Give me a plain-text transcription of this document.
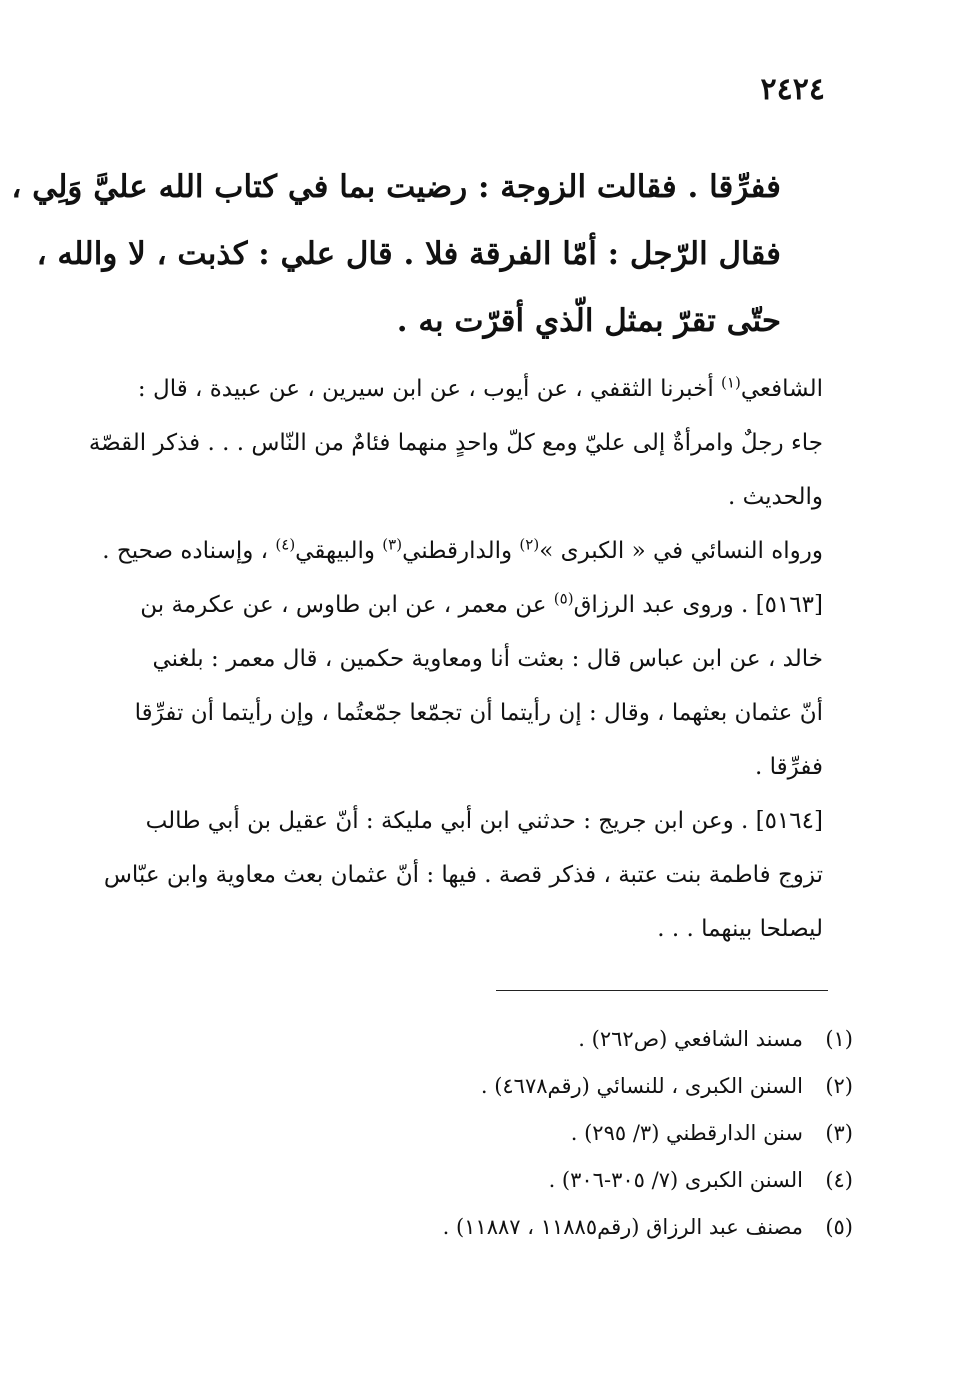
٢٤٢٤
ففرِّقا . فقالت الزوجة : رضيت بما في كتاب الله عليَّ وَلِي ،
فقال الرّجل : أمّا الفرقة فلا . قال علي : كذبت ، لا والله ،
حتّى تقرّ بمثل الّذي أقرّت به .

الشافعي$^{(١)}$ أخبرنا الثقفي ، عن أيوب ، عن ابن سيرين ، عن عبيدة ، قال :
جاء رجلٌ وامرأةٌ إلى عليّ ومع كلّ واحدٍ منهما فئامٌ من النّاس . . . فذكر القصّة
والحديث .

ورواه النسائي في « الكبرى »$^{(٢)}$ والدارقطني$^{(٣)}$ والبيهقي$^{(٤)}$ ، وإسناده صحيح .

[٥١٦٣] . وروى عبد الرزاق$^{(٥)}$ عن معمر ، عن ابن طاوس ، عن عكرمة بن
خالد ، عن ابن عباس قال : بعثت أنا ومعاوية حكمين ، قال معمر : بلغني
أنّ عثمان بعثهما ، وقال : إن رأيتما أن تجمّعا جمّعتُما ، وإن رأيتما أن تفرِّقا
ففرِّقا .

[٥١٦٤] . وعن ابن جريج : حدثني ابن أبي مليكة : أنّ عقيل بن أبي طالب
تزوج فاطمة بنت عتبة ، فذكر قصة . فيها : أنّ عثمان بعث معاوية وابن عبّاس
ليصلحا بينهما . . .

(١)مسند الشافعي (ص٢٦٢) .
(٢)السنن الكبرى ، للنسائي (رقم٤٦٧٨) .
(٣)سنن الدارقطني (٣/ ٢٩٥) .
(٤)السنن الكبرى (٧/ ٣٠٥-٣٠٦) .
(٥)مصنف عبد الرزاق (رقم١١٨٨٥ ، ١١٨٨٧) .
